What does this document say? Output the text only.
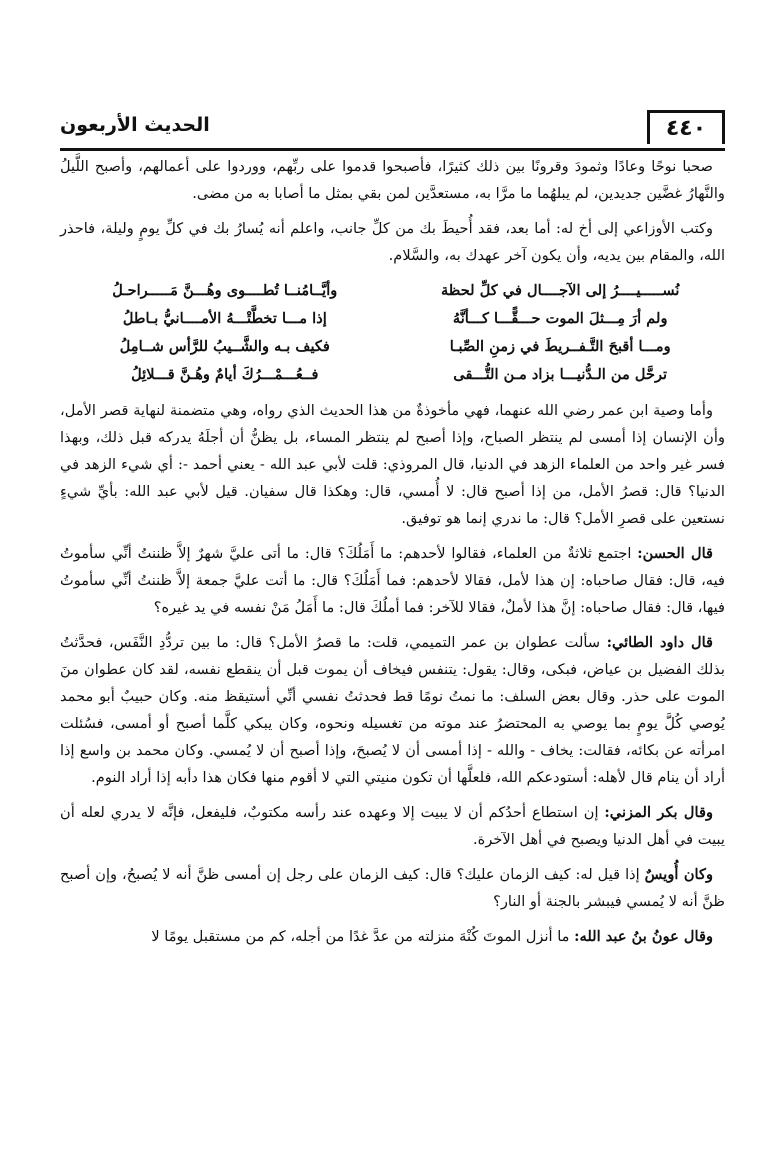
٤٤٠
الحديث الأربعون

صحبا نوحًا وعادًا وثمودَ وقرونًا بين ذلك كثيرًا، فأصبحوا قدموا على ربِّهم، ووردوا على أعمالهم، وأصبح اللَّيلُ والنَّهارُ غضَّين جديدين، لم يبلهُما ما مرَّا به، مستعدَّين لمن بقي بمثل ما أصابا به من مضى.

وكتب الأوزاعي إلى أخ له: أما بعد، فقد أُحيطَ بك من كلِّ جانب، واعلم أنه يُسارُ بك في كلِّ يومٍ وليلة، فاحذر الله، والمقام بين يديه، وأن يكون آخر عهدك به، والسَّلام.

نُســـــيــــرُ إلى الآجــــال في كلِّ لحظة
وأيَّــامُنــا تُطــــوى وهُـــنَّ مَـــــراحـلُ
ولم أرَ مِـــثلَ الموت حـــقًّـــا كـــأنَّهُ
إذا مـــا تخطَّتْـــهُ الأمــــانيُّ بـاطلُ
ومـــا أقبحَ التَّـفــريطَ في زمنِ الصِّبـا
فكيف بـه والشَّــيبُ للرَّأس شــامِلُ
ترحَّل من الـدُّنيـــا بزاد مـن التُّـــقى
فــعُـــمْـــرُكَ أيامٌ وهُـنَّ قـــلائِلُ

وأما وصية ابن عمر رضي الله عنهما، فهي مأخوذةٌ من هذا الحديث الذي رواه، وهي متضمنة لنهاية قصر الأمل، وأن الإنسان إذا أمسى لم ينتظر الصباح، وإذا أصبح لم ينتظر المساء، بل يظنُّ أن أجلَهُ يدركه قبل ذلك، وبهذا فسر غير واحد من العلماء الزهد في الدنيا، قال المروذي: قلت لأبي عبد الله - يعني أحمد -: أي شيء الزهد في الدنيا؟ قال: قصرُ الأمل، من إذا أصبح قال: لا أُمسي، قال: وهكذا قال سفيان. قيل لأبي عبد الله: بأيِّ شيءٍ نستعين على قصرِ الأمل؟ قال: ما ندري إنما هو توفيق.

قال الحسن: اجتمع ثلاثةٌ من العلماء، فقالوا لأحدهم: ما أَمَلُكَ؟ قال: ما أتى عليَّ شهرٌ إلاَّ ظننتُ أنِّي سأموتُ فيه، قال: فقال صاحباه: إن هذا لأمل، فقالا لأحدهم: فما أَمَلُكَ؟ قال: ما أتت عليَّ جمعة إلاَّ ظننتُ أنِّي سأموتُ فيها، قال: فقال صاحباه: إنَّ هذا لأملٌ، فقالا للآخر: فما أملُكَ قال: ما أَمَلُ مَنْ نفسه في يد غيره؟

قال داود الطائي: سألت عطوان بن عمر التميمي، قلت: ما قصرُ الأمل؟ قال: ما بين تردُّدِ النَّفَس، فحدَّثتُ بذلك الفضيل بن عياض، فبكى، وقال: يقول: يتنفس فيخاف أن يموت قبل أن ينقطع نفسه، لقد كان عطوان منَ الموت على حذر. وقال بعض السلف: ما نمتُ نومًا قط فحدثتُ نفسي أنِّي أستيقظ منه. وكان حبيبٌ أبو محمد يُوصي كُلَّ يومٍ بما يوصي به المحتضرُ عند موته من تغسيله ونحوه، وكان يبكي كلَّما أصبح أو أمسى، فسُئلت امرأته عن بكائه، فقالت: يخاف - والله - إذا أمسى أن لا يُصبحَ، وإذا أصبح أن لا يُمسي. وكان محمد بن واسع إذا أراد أن ينام قال لأهله: أستودعكم الله، فلعلَّها أن تكون منيتي التي لا أقوم منها فكان هذا دأبه إذا أراد النوم.

وقال بكر المزني: إن استطاع أحدُكم أن لا يبيت إلا وعهده عند رأسه مكتوبٌ، فليفعل، فإنَّه لا يدري لعله أن يبيت في أهل الدنيا ويصبح في أهل الآخرة.

وكان أُويسٌ إذا قيل له: كيف الزمان عليك؟ قال: كيف الزمان على رجل إن أمسى ظنَّ أنه لا يُصبحُ، وإن أصبح ظنَّ أنه لا يُمسي فيبشر بالجنة أو النار؟

وقال عونُ بنُ عبد الله: ما أنزل الموتَ كُنْهَ منزلته من عدَّ غدًا من أجله، كم من مستقبل يومًا لا
